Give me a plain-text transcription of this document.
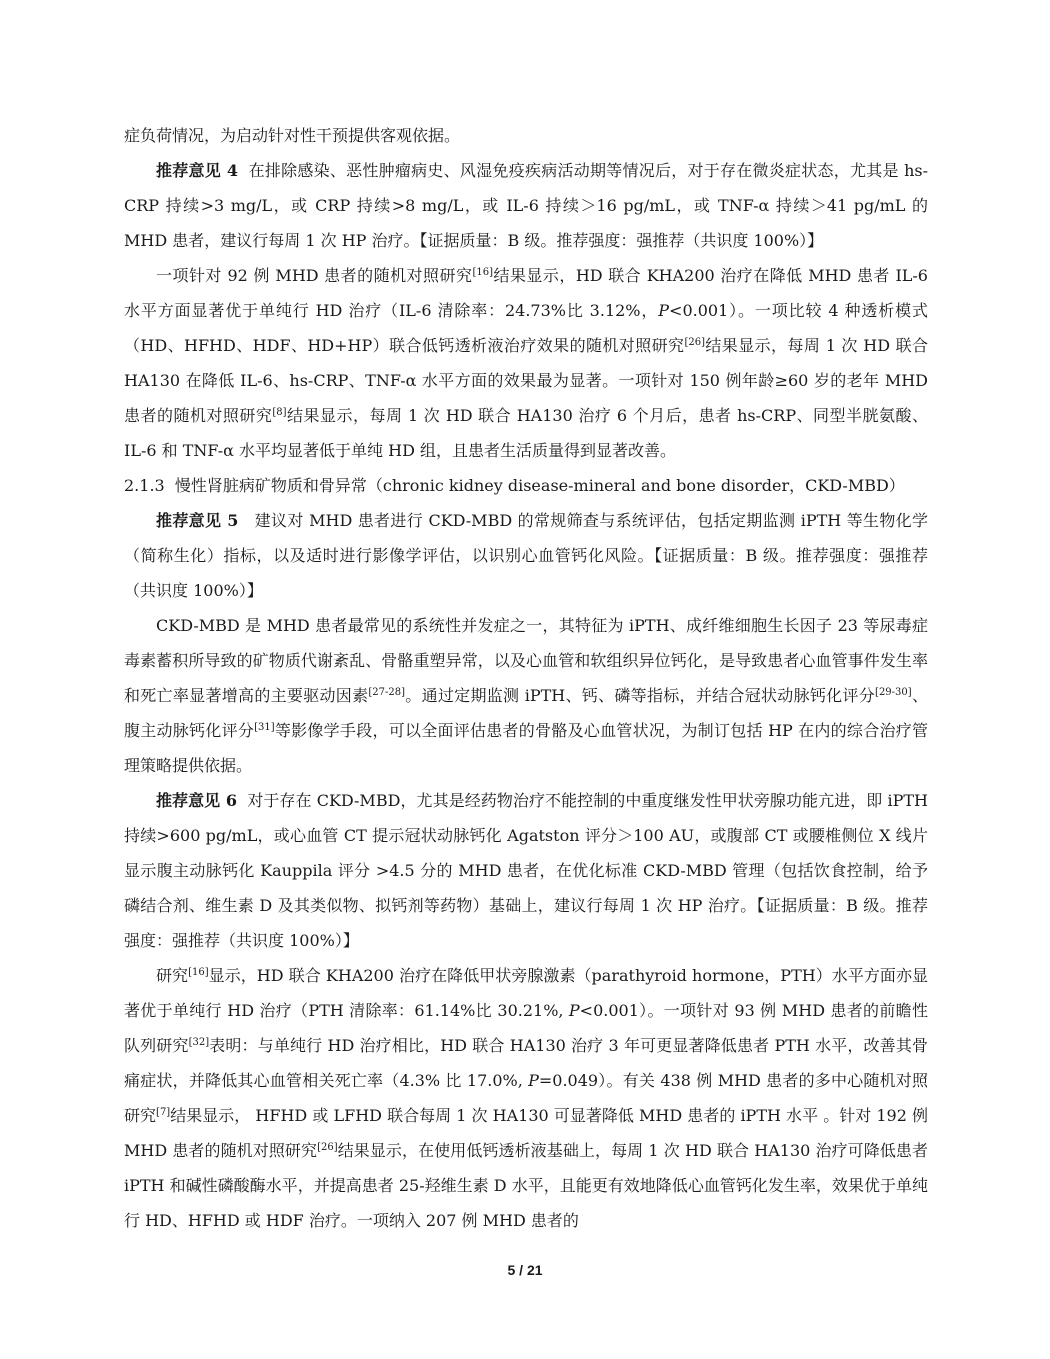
症负荷情况，为启动针对性干预提供客观依据。

推荐意见 4 在排除感染、恶性肿瘤病史、风湿免疫疾病活动期等情况后，对于存在微炎症状态，尤其是 hs-CRP 持续>3 mg/L，或 CRP 持续>8 mg/L，或 IL-6 持续＞16 pg/mL，或 TNF-α 持续＞41 pg/mL 的 MHD 患者，建议行每周 1 次 HP 治疗。【证据质量：B 级。推荐强度：强推荐（共识度 100%）】

一项针对 92 例 MHD 患者的随机对照研究[16]结果显示，HD 联合 KHA200 治疗在降低 MHD 患者 IL-6 水平方面显著优于单纯行 HD 治疗（IL-6 清除率：24.73%比 3.12%，P<0.001）。一项比较 4 种透析模式（HD、HFHD、HDF、HD+HP）联合低钙透析液治疗效果的随机对照研究[26]结果显示，每周 1 次 HD 联合 HA130 在降低 IL-6、hs-CRP、TNF-α 水平方面的效果最为显著。一项针对 150 例年龄≥60 岁的老年 MHD 患者的随机对照研究[8]结果显示，每周 1 次 HD 联合 HA130 治疗 6 个月后，患者 hs-CRP、同型半胱氨酸、IL-6 和 TNF-α 水平均显著低于单纯 HD 组，且患者生活质量得到显著改善。

2.1.3 慢性肾脏病矿物质和骨异常（chronic kidney disease-mineral and bone disorder，CKD-MBD）

推荐意见 5 建议对 MHD 患者进行 CKD-MBD 的常规筛查与系统评估，包括定期监测 iPTH 等生物化学（简称生化）指标，以及适时进行影像学评估，以识别心血管钙化风险。【证据质量：B 级。推荐强度：强推荐（共识度 100%）】

CKD-MBD 是 MHD 患者最常见的系统性并发症之一，其特征为 iPTH、成纤维细胞生长因子 23 等尿毒症毒素蓄积所导致的矿物质代谢紊乱、骨骼重塑异常，以及心血管和软组织异位钙化，是导致患者心血管事件发生率和死亡率显著增高的主要驱动因素[27-28]。通过定期监测 iPTH、钙、磷等指标，并结合冠状动脉钙化评分[29-30]、腹主动脉钙化评分[31]等影像学手段，可以全面评估患者的骨骼及心血管状况，为制订包括 HP 在内的综合治疗管理策略提供依据。

推荐意见 6 对于存在 CKD-MBD，尤其是经药物治疗不能控制的中重度继发性甲状旁腺功能亢进，即 iPTH 持续>600 pg/mL，或心血管 CT 提示冠状动脉钙化 Agatston 评分＞100 AU，或腹部 CT 或腰椎侧位 X 线片显示腹主动脉钙化 Kauppila 评分 >4.5 分的 MHD 患者，在优化标准 CKD-MBD 管理（包括饮食控制，给予磷结合剂、维生素 D 及其类似物、拟钙剂等药物）基础上，建议行每周 1 次 HP 治疗。【证据质量：B 级。推荐强度：强推荐（共识度 100%）】

研究[16]显示，HD 联合 KHA200 治疗在降低甲状旁腺激素（parathyroid hormone，PTH）水平方面亦显著优于单纯行 HD 治疗（PTH 清除率：61.14%比 30.21%, P<0.001）。一项针对 93 例 MHD 患者的前瞻性队列研究[32]表明：与单纯行 HD 治疗相比，HD 联合 HA130 治疗 3 年可更显著降低患者 PTH 水平，改善其骨痛症状，并降低其心血管相关死亡率（4.3% 比 17.0%, P=0.049）。有关 438 例 MHD 患者的多中心随机对照研究[7]结果显示， HFHD 或 LFHD 联合每周 1 次 HA130 可显著降低 MHD 患者的 iPTH 水平 。针对 192 例 MHD 患者的随机对照研究[26]结果显示，在使用低钙透析液基础上，每周 1 次 HD 联合 HA130 治疗可降低患者 iPTH 和碱性磷酸酶水平，并提高患者 25-羟维生素 D 水平，且能更有效地降低心血管钙化发生率，效果优于单纯行 HD、HFHD 或 HDF 治疗。一项纳入 207 例 MHD 患者的

5 / 21
